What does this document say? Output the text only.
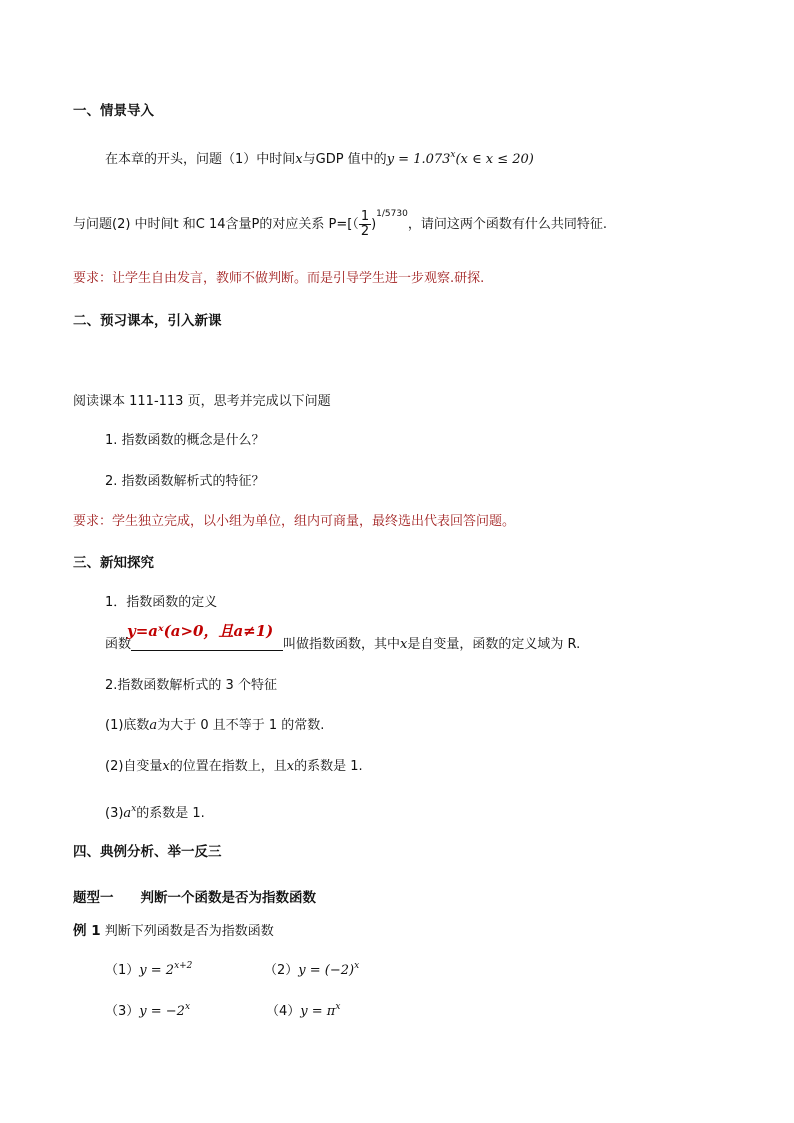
一、情景导入
在本章的开头，问题（1）中时间x与GDP 值中的$y = 1.073^x(x$ ∈ x ≤ 20)
与问题(2) 中时间t 和C 14含量P的对应关系 $P=[( \frac{1}{2} )^{1/5730}$，请问这两个函数有什么共同特征.
要求：让学生自由发言，教师不做判断。而是引导学生进一步观察.研探.
二、预习课本，引入新课
阅读课本 111-113 页，思考并完成以下问题
1. 指数函数的概念是什么？
2. 指数函数解析式的特征？
要求：学生独立完成，以小组为单位，组内可商量，最终选出代表回答问题。
三、新知探究
1．指数函数的定义
y=aˣ(a>0，且a≠1)
函数	叫做指数函数，其中x是自变量，函数的定义域为 R.
2.指数函数解析式的 3 个特征
(1)底数a为大于 0 且不等于 1 的常数.
(2)自变量x的位置在指数上，且x的系数是 1.
$(3)a^x$的系数是 1.
四、典例分析、举一反三
题型一　　判断一个函数是否为指数函数
例 1 判断下列函数是否为指数函数
$(1)y = 2^{x+2}$	$(2)y = (-2)^x$
$(3)y = -2^x$	$(4)y = \pi^x$
